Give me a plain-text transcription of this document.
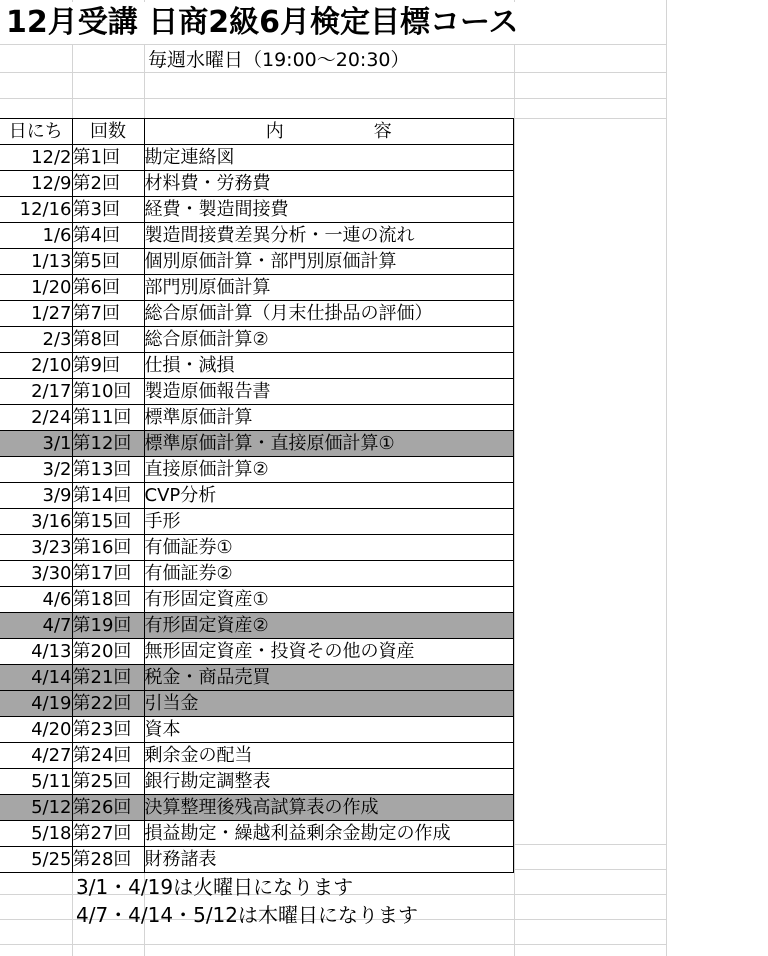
12月受講 日商2級6月検定目標コース
毎週水曜日（19:00～20:30）
日にち	回数	内　容
12/2	第1回	勘定連絡図
12/9	第2回	材料費・労務費
12/16	第3回	経費・製造間接費
1/6	第4回	製造間接費差異分析・一連の流れ
1/13	第5回	個別原価計算・部門別原価計算
1/20	第6回	部門別原価計算
1/27	第7回	総合原価計算（月末仕掛品の評価）
2/3	第8回	総合原価計算②
2/10	第9回	仕損・減損
2/17	第10回	製造原価報告書
2/24	第11回	標準原価計算
3/1	第12回	標準原価計算・直接原価計算①
3/2	第13回	直接原価計算②
3/9	第14回	CVP分析
3/16	第15回	手形
3/23	第16回	有価証券①
3/30	第17回	有価証券②
4/6	第18回	有形固定資産①
4/7	第19回	有形固定資産②
4/13	第20回	無形固定資産・投資その他の資産
4/14	第21回	税金・商品売買
4/19	第22回	引当金
4/20	第23回	資本
4/27	第24回	剰余金の配当
5/11	第25回	銀行勘定調整表
5/12	第26回	決算整理後残高試算表の作成
5/18	第27回	損益勘定・繰越利益剰余金勘定の作成
5/25	第28回	財務諸表
3/1・4/19は火曜日になります
4/7・4/14・5/12は木曜日になります
